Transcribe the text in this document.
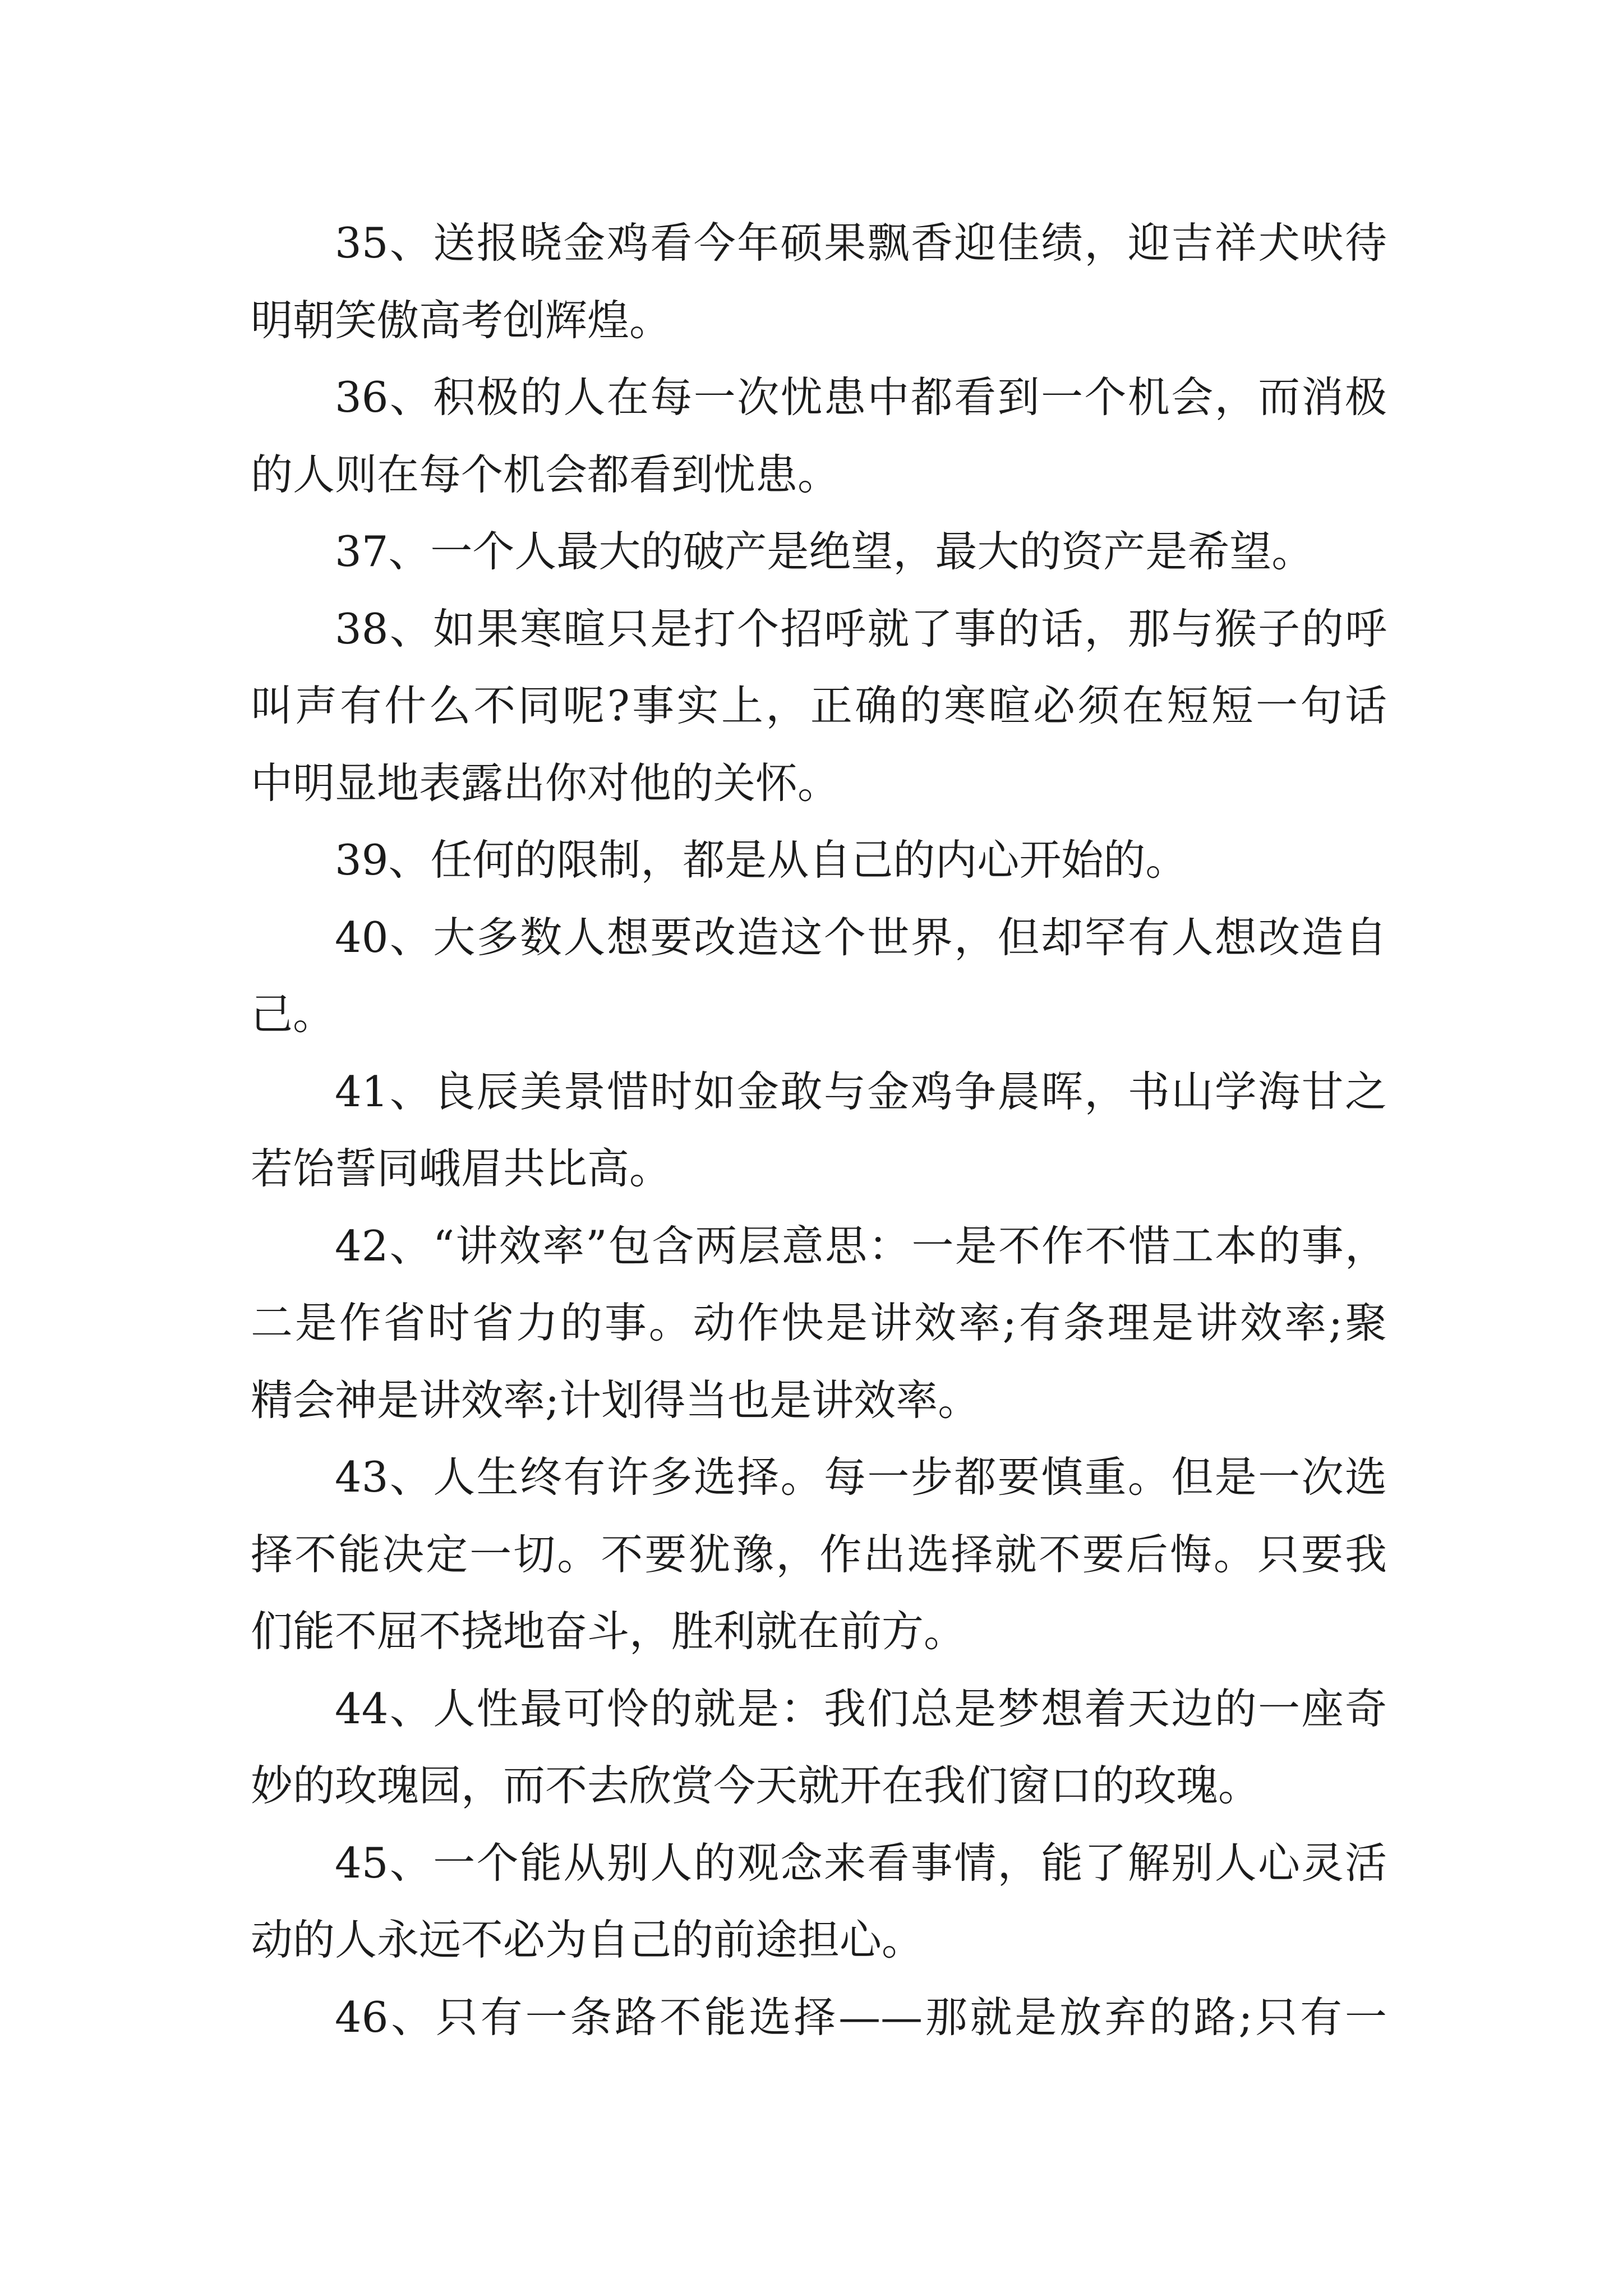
35、送报晓金鸡看今年硕果飘香迎佳绩，迎吉祥犬吠待
明朝笑傲高考创辉煌。
36、积极的人在每一次忧患中都看到一个机会，而消极
的人则在每个机会都看到忧患。
37、一个人最大的破产是绝望，最大的资产是希望。
38、如果寒暄只是打个招呼就了事的话，那与猴子的呼
叫声有什么不同呢?事实上，正确的寒暄必须在短短一句话
中明显地表露出你对他的关怀。
39、任何的限制，都是从自己的内心开始的。
40、大多数人想要改造这个世界，但却罕有人想改造自
己。
41、良辰美景惜时如金敢与金鸡争晨晖，书山学海甘之
若饴誓同峨眉共比高。
42、“讲效率”包含两层意思：一是不作不惜工本的事，
二是作省时省力的事。动作快是讲效率;有条理是讲效率;聚
精会神是讲效率;计划得当也是讲效率。
43、人生终有许多选择。每一步都要慎重。但是一次选
择不能决定一切。不要犹豫，作出选择就不要后悔。只要我
们能不屈不挠地奋斗，胜利就在前方。
44、人性最可怜的就是：我们总是梦想着天边的一座奇
妙的玫瑰园，而不去欣赏今天就开在我们窗口的玫瑰。
45、一个能从别人的观念来看事情，能了解别人心灵活
动的人永远不必为自己的前途担心。
46、只有一条路不能选择——那就是放弃的路;只有一
